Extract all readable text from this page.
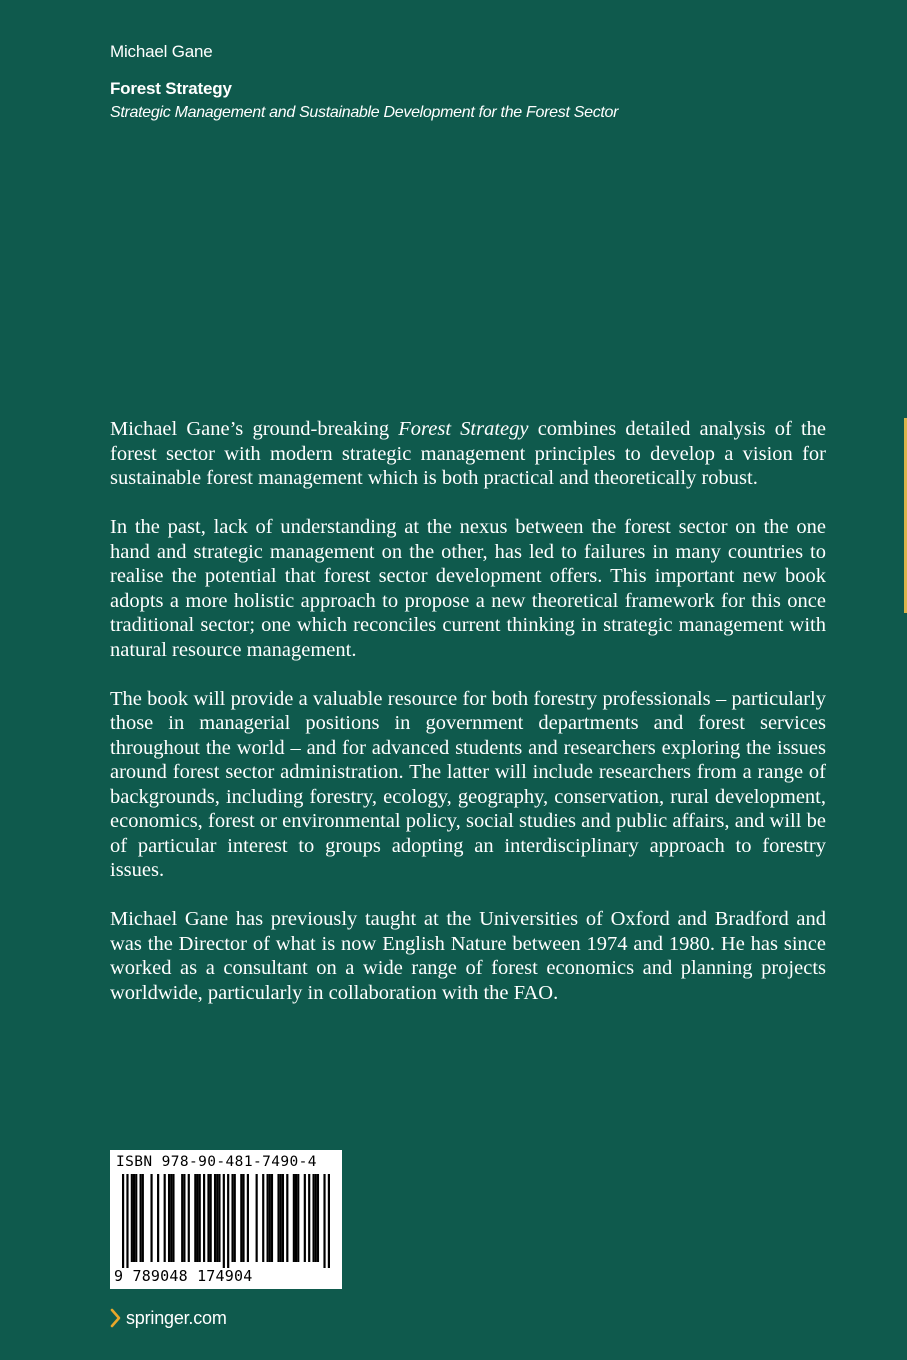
Michael Gane
Forest Strategy
Strategic Management and Sustainable Development for the Forest Sector

Michael Gane’s ground-breaking Forest Strategy combines detailed analysis of the forest sector with modern strategic management principles to develop a vision for sustainable forest management which is both practical and theoretically robust.

In the past, lack of understanding at the nexus between the forest sector on the one hand and strategic management on the other, has led to failures in many countries to realise the potential that forest sector development offers. This important new book adopts a more holistic approach to propose a new theoretical framework for this once traditional sector; one which reconciles current thinking in strategic management with natural resource management.

The book will provide a valuable resource for both forestry professionals – particularly those in managerial positions in government departments and forest services throughout the world – and for advanced students and researchers exploring the issues around forest sector administration. The latter will include researchers from a range of backgrounds, including forestry, ecology, geography, conservation, rural development, economics, forest or environmental policy, social studies and public affairs, and will be of particular interest to groups adopting an interdisciplinary approach to forestry issues.

Michael Gane has previously taught at the Universities of Oxford and Bradford and was the Director of what is now English Nature between 1974 and 1980. He has since worked as a consultant on a wide range of forest economics and planning projects worldwide, particularly in collaboration with the FAO.

ISBN 978-90-481-7490-4
9 789048 174904
springer.com
